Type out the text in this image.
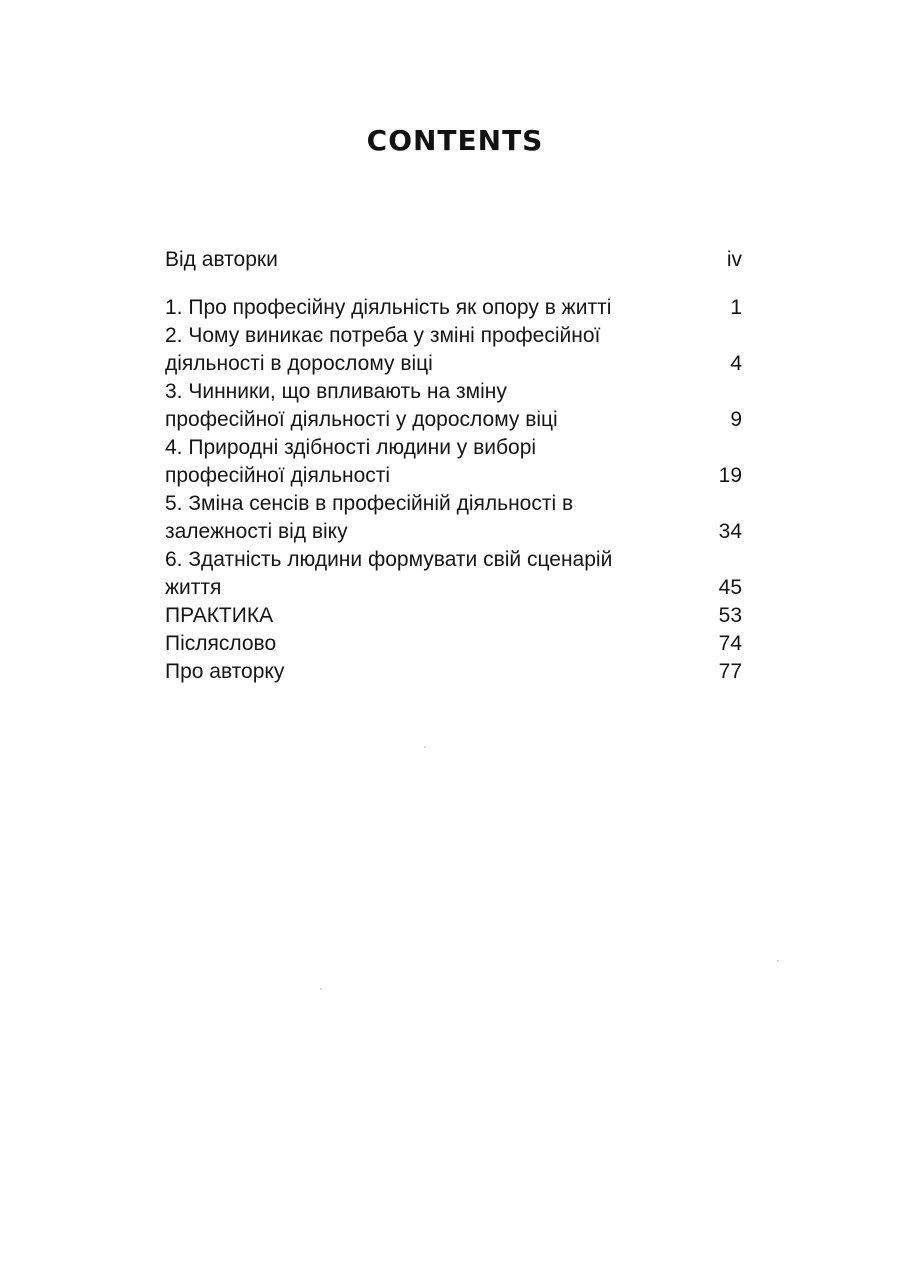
CONTENTS
Від авторки	iv
1. Про професійну діяльність як опору в житті	1
2. Чому виникає потреба у зміні професійної
діяльності в дорослому віці	4
3. Чинники, що впливають на зміну
професійної діяльності у дорослому віці	9
4. Природні здібності людини у виборі
професійної діяльності	19
5. Зміна сенсів в професійній діяльності в
залежності від віку	34
6. Здатність людини формувати свій сценарій
життя	45
ПРАКТИКА	53
Післяслово	74
Про авторку	77
